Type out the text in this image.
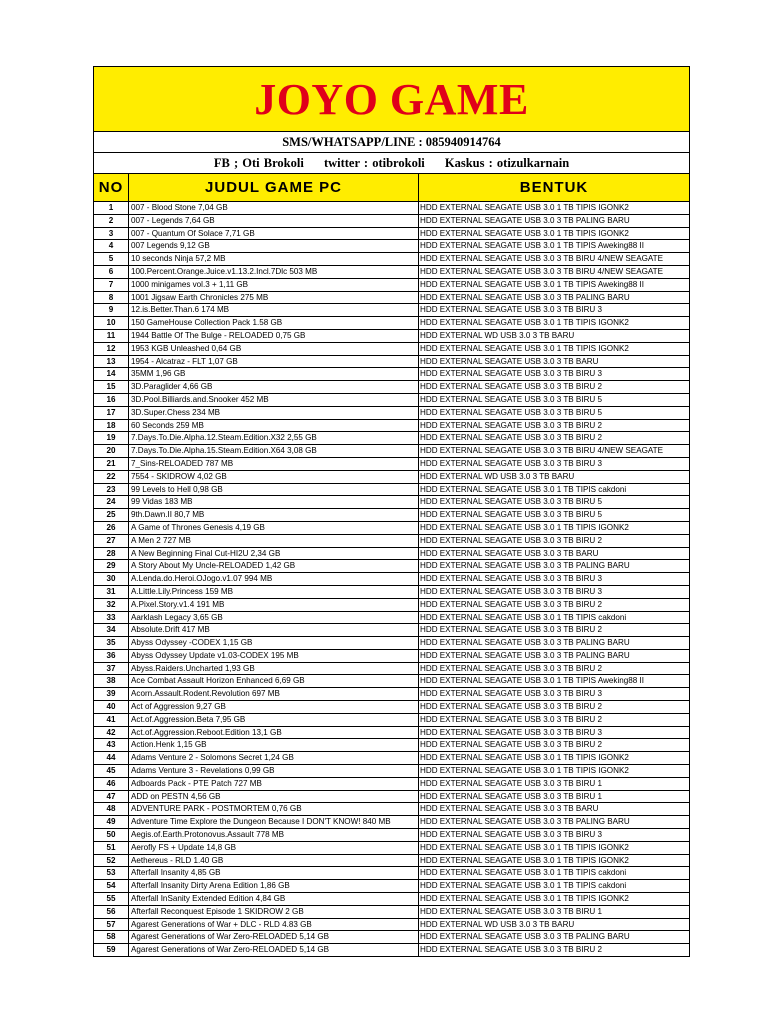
JOYO GAME		
SMS/WHATSAPP/LINE : 085940914764		
FB ; Oti Brokoli twitter : otibrokoli Kaskus : otizulkarnain		
NO	JUDUL GAME PC	BENTUK
1	007 - Blood Stone 7,04 GB	HDD EXTERNAL SEAGATE USB 3.0 1 TB TIPIS IGONK2
2	007 - Legends 7,64 GB	HDD EXTERNAL SEAGATE USB 3.0 3 TB PALING BARU
3	007 - Quantum Of Solace 7,71 GB	HDD EXTERNAL SEAGATE USB 3.0 1 TB TIPIS IGONK2
4	007 Legends 9,12 GB	HDD EXTERNAL SEAGATE USB 3.0 1 TB TIPIS Aweking88 II
5	10 seconds Ninja 57,2 MB	HDD EXTERNAL SEAGATE USB 3.0 3 TB BIRU 4/NEW SEAGATE
6	100.Percent.Orange.Juice.v1.13.2.Incl.7Dlc 503 MB	HDD EXTERNAL SEAGATE USB 3.0 3 TB BIRU 4/NEW SEAGATE
7	1000 minigames vol.3 + 1,11 GB	HDD EXTERNAL SEAGATE USB 3.0 1 TB TIPIS Aweking88 II
8	1001 Jigsaw Earth Chronicles 275 MB	HDD EXTERNAL SEAGATE USB 3.0 3 TB PALING BARU
9	12.is.Better.Than.6 174 MB	HDD EXTERNAL SEAGATE USB 3.0 3 TB BIRU 3
10	150 GameHouse Collection Pack 1.58 GB	HDD EXTERNAL SEAGATE USB 3.0 1 TB TIPIS IGONK2
11	1944 Battle Of The Bulge - RELOADED 0,75 GB	HDD EXTERNAL WD USB 3.0 3 TB BARU
12	1953 KGB Unleashed 0,64 GB	HDD EXTERNAL SEAGATE USB 3.0 1 TB TIPIS IGONK2
13	1954 - Alcatraz - FLT 1,07 GB	HDD EXTERNAL SEAGATE USB 3.0 3 TB BARU
14	35MM 1,96 GB	HDD EXTERNAL SEAGATE USB 3.0 3 TB BIRU 3
15	3D.Paraglider 4,66 GB	HDD EXTERNAL SEAGATE USB 3.0 3 TB BIRU 2
16	3D.Pool.Billiards.and.Snooker 452 MB	HDD EXTERNAL SEAGATE USB 3.0 3 TB BIRU 5
17	3D.Super.Chess 234 MB	HDD EXTERNAL SEAGATE USB 3.0 3 TB BIRU 5
18	60 Seconds 259 MB	HDD EXTERNAL SEAGATE USB 3.0 3 TB BIRU 2
19	7.Days.To.Die.Alpha.12.Steam.Edition.X32 2,55 GB	HDD EXTERNAL SEAGATE USB 3.0 3 TB BIRU 2
20	7.Days.To.Die.Alpha.15.Steam.Edition.X64 3,08 GB	HDD EXTERNAL SEAGATE USB 3.0 3 TB BIRU 4/NEW SEAGATE
21	7_Sins-RELOADED 787 MB	HDD EXTERNAL SEAGATE USB 3.0 3 TB BIRU 3
22	7554 - SKIDROW 4,02 GB	HDD EXTERNAL WD USB 3.0 3 TB BARU
23	99 Levels to Hell 0,98 GB	HDD EXTERNAL SEAGATE USB 3.0 1 TB TIPIS cakdoni
24	99 Vidas 183 MB	HDD EXTERNAL SEAGATE USB 3.0 3 TB BIRU 5
25	9th.Dawn.II 80,7 MB	HDD EXTERNAL SEAGATE USB 3.0 3 TB BIRU 5
26	A Game of Thrones Genesis 4,19 GB	HDD EXTERNAL SEAGATE USB 3.0 1 TB TIPIS IGONK2
27	A Men 2 727 MB	HDD EXTERNAL SEAGATE USB 3.0 3 TB BIRU 2
28	A New Beginning Final Cut-HI2U 2,34 GB	HDD EXTERNAL SEAGATE USB 3.0 3 TB BARU
29	A Story About My Uncle-RELOADED 1,42 GB	HDD EXTERNAL SEAGATE USB 3.0 3 TB PALING BARU
30	A.Lenda.do.Heroi.OJogo.v1.07 994 MB	HDD EXTERNAL SEAGATE USB 3.0 3 TB BIRU 3
31	A.Little.Lily.Princess 159 MB	HDD EXTERNAL SEAGATE USB 3.0 3 TB BIRU 3
32	A.Pixel.Story.v1.4 191 MB	HDD EXTERNAL SEAGATE USB 3.0 3 TB BIRU 2
33	Aarklash Legacy 3,65 GB	HDD EXTERNAL SEAGATE USB 3.0 1 TB TIPIS cakdoni
34	Absolute.Drift 417 MB	HDD EXTERNAL SEAGATE USB 3.0 3 TB BIRU 2
35	Abyss Odyssey -CODEX 1,15 GB	HDD EXTERNAL SEAGATE USB 3.0 3 TB PALING BARU
36	Abyss Odyssey Update v1.03-CODEX 195 MB	HDD EXTERNAL SEAGATE USB 3.0 3 TB PALING BARU
37	Abyss.Raiders.Uncharted 1,93 GB	HDD EXTERNAL SEAGATE USB 3.0 3 TB BIRU 2
38	Ace Combat Assault Horizon Enhanced 6,69 GB	HDD EXTERNAL SEAGATE USB 3.0 1 TB TIPIS Aweking88 II
39	Acorn.Assault.Rodent.Revolution 697 MB	HDD EXTERNAL SEAGATE USB 3.0 3 TB BIRU 3
40	Act of Aggression 9,27 GB	HDD EXTERNAL SEAGATE USB 3.0 3 TB BIRU 2
41	Act.of.Aggression.Beta 7,95 GB	HDD EXTERNAL SEAGATE USB 3.0 3 TB BIRU 2
42	Act.of.Aggression.Reboot.Edition 13,1 GB	HDD EXTERNAL SEAGATE USB 3.0 3 TB BIRU 3
43	Action.Henk 1,15 GB	HDD EXTERNAL SEAGATE USB 3.0 3 TB BIRU 2
44	Adams Venture 2 - Solomons Secret 1,24 GB	HDD EXTERNAL SEAGATE USB 3.0 1 TB TIPIS IGONK2
45	Adams Venture 3 - Revelations 0,99 GB	HDD EXTERNAL SEAGATE USB 3.0 1 TB TIPIS IGONK2
46	Adboards Pack - PTE Patch 727 MB	HDD EXTERNAL SEAGATE USB 3.0 3 TB BIRU 1
47	ADD on PESTN 4,56 GB	HDD EXTERNAL SEAGATE USB 3.0 3 TB BIRU 1
48	ADVENTURE PARK - POSTMORTEM 0,76 GB	HDD EXTERNAL SEAGATE USB 3.0 3 TB BARU
49	Adventure Time Explore the Dungeon Because I DON'T KNOW! 840 MB	HDD EXTERNAL SEAGATE USB 3.0 3 TB PALING BARU
50	Aegis.of.Earth.Protonovus.Assault 778 MB	HDD EXTERNAL SEAGATE USB 3.0 3 TB BIRU 3
51	Aerofly FS + Update 14,8 GB	HDD EXTERNAL SEAGATE USB 3.0 1 TB TIPIS IGONK2
52	Aetherеus - RLD 1.40 GB	HDD EXTERNAL SEAGATE USB 3.0 1 TB TIPIS IGONK2
53	Afterfall Insanity 4,85 GB	HDD EXTERNAL SEAGATE USB 3.0 1 TB TIPIS cakdoni
54	Afterfall Insanity Dirty Arena Edition 1,86 GB	HDD EXTERNAL SEAGATE USB 3.0 1 TB TIPIS cakdoni
55	Afterfall InSanity Extended Edition 4,84 GB	HDD EXTERNAL SEAGATE USB 3.0 1 TB TIPIS IGONK2
56	Afterfall Reconquest Episode 1 SKIDROW 2 GB	HDD EXTERNAL SEAGATE USB 3.0 3 TB BIRU 1
57	Agarest Generations of War + DLC - RLD 4.83 GB	HDD EXTERNAL WD USB 3.0 3 TB BARU
58	Agarest Generations of War Zero-RELOADED 5,14 GB	HDD EXTERNAL SEAGATE USB 3.0 3 TB PALING BARU
59	Agarest Generations of War Zero-RELOADED 5,14 GB	HDD EXTERNAL SEAGATE USB 3.0 3 TB BIRU 2
